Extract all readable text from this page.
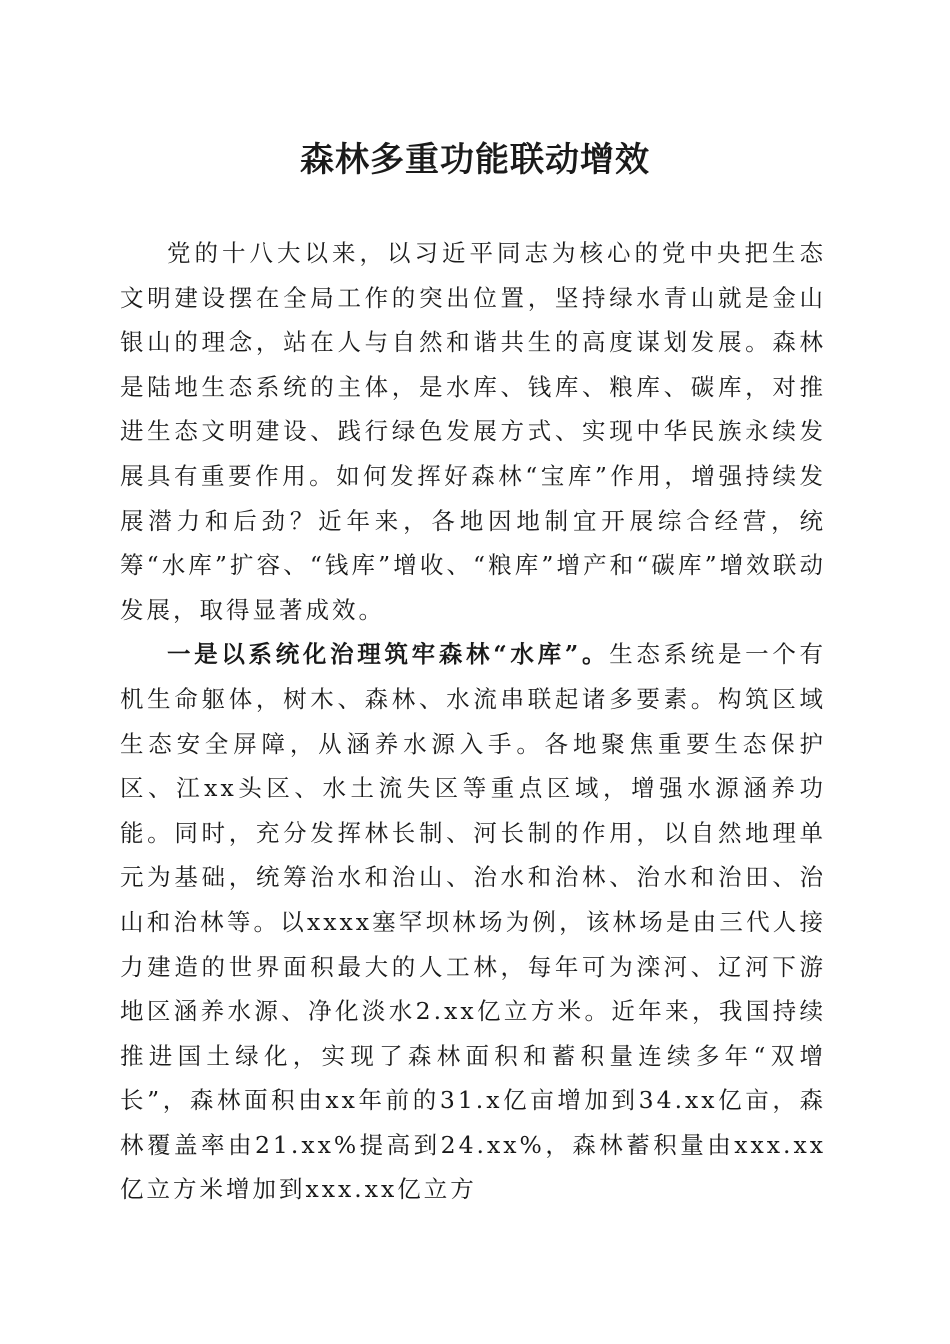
森林多重功能联动增效

党的十八大以来，以习近平同志为核心的党中央把生态文明建设摆在全局工作的突出位置，坚持绿水青山就是金山银山的理念，站在人与自然和谐共生的高度谋划发展。森林是陆地生态系统的主体，是水库、钱库、粮库、碳库，对推进生态文明建设、践行绿色发展方式、实现中华民族永续发展具有重要作用。如何发挥好森林“宝库”作用，增强持续发展潜力和后劲？近年来，各地因地制宜开展综合经营，统筹“水库”扩容、“钱库”增收、“粮库”增产和“碳库”增效联动发展，取得显著成效。

一是以系统化治理筑牢森林“水库”。生态系统是一个有机生命躯体，树木、森林、水流串联起诸多要素。构筑区域生态安全屏障，从涵养水源入手。各地聚焦重要生态保护区、江xx头区、水土流失区等重点区域，增强水源涵养功能。同时，充分发挥林长制、河长制的作用，以自然地理单元为基础，统筹治水和治山、治水和治林、治水和治田、治山和治林等。以xxxx塞罕坝林场为例，该林场是由三代人接力建造的世界面积最大的人工林，每年可为滦河、辽河下游地区涵养水源、净化淡水2.xx亿立方米。近年来，我国持续推进国土绿化，实现了森林面积和蓄积量连续多年“双增长”，森林面积由xx年前的31.x亿亩增加到34.xx亿亩，森林覆盖率由21.xx%提高到24.xx%，森林蓄积量由xxx.xx亿立方米增加到xxx.xx亿立方
